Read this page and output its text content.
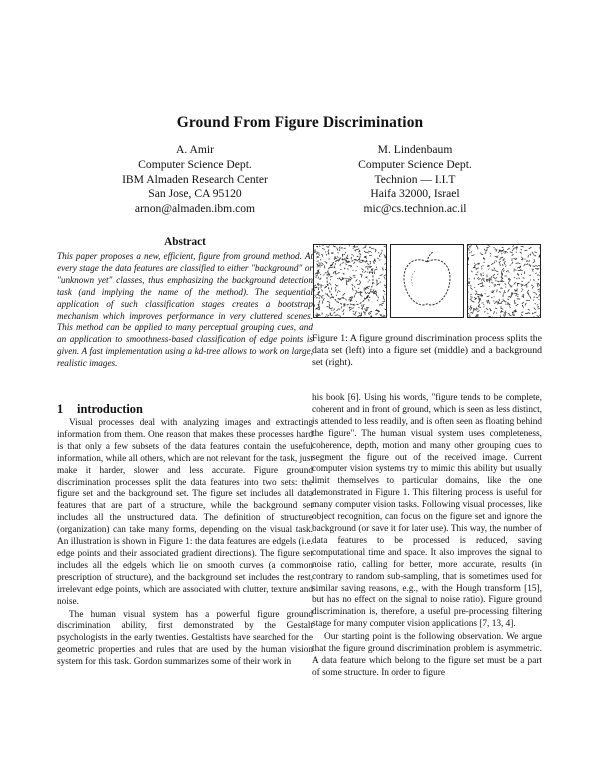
Ground From Figure Discrimination
A. Amir
Computer Science Dept.
IBM Almaden Research Center
San Jose, CA 95120
arnon@almaden.ibm.com
M. Lindenbaum
Computer Science Dept.
Technion — I.I.T
Haifa 32000, Israel
mic@cs.technion.ac.il
Abstract
This paper proposes a new, efficient, figure from ground method. At every stage the data features are classified to either "background" or "unknown yet" classes, thus emphasizing the background detection task (and implying the name of the method). The sequential application of such classification stages creates a bootstrap mechanism which improves performance in very cluttered scenes. This method can be applied to many perceptual grouping cues, and an application to smoothness-based classification of edge points is given. A fast implementation using a kd-tree allows to work on large, realistic images.
Figure 1: A figure ground discrimination process splits the data set (left) into a figure set (middle) and a background set (right).
1 introduction

Visual processes deal with analyzing images and extracting information from them. One reason that makes these processes hard is that only a few subsets of the data features contain the useful information, while all others, which are not relevant for the task, just make it harder, slower and less accurate. Figure ground discrimination processes split the data features into two sets: the figure set and the background set. The figure set includes all data features that are part of a structure, while the background set includes all the unstructured data. The definition of structure (organization) can take many forms, depending on the visual task. An illustration is shown in Figure 1: the data features are edgels (i.e. edge points and their associated gradient directions). The figure set includes all the edgels which lie on smooth curves (a common prescription of structure), and the background set includes the rest, irrelevant edge points, which are associated with clutter, texture and noise.

The human visual system has a powerful figure ground discrimination ability, first demonstrated by the Gestalt psychologists in the early twenties. Gestaltists have searched for the geometric properties and rules that are used by the human vision system for this task. Gordon summarizes some of their work in

his book [6]. Using his words, "figure tends to be complete, coherent and in front of ground, which is seen as less distinct, is attended to less readily, and is often seen as floating behind the figure". The human visual system uses completeness, coherence, depth, motion and many other grouping cues to segment the figure out of the received image. Current computer vision systems try to mimic this ability but usually limit themselves to particular domains, like the one demonstrated in Figure 1. This filtering process is useful for many computer vision tasks. Following visual processes, like object recognition, can focus on the figure set and ignore the background (or save it for later use). This way, the number of data features to be processed is reduced, saving computational time and space. It also improves the signal to noise ratio, calling for better, more accurate, results (in contrary to random sub-sampling, that is sometimes used for similar saving reasons, e.g., with the Hough transform [15], but has no effect on the signal to noise ratio). Figure ground discrimination is, therefore, a useful pre-processing filtering stage for many computer vision applications [7, 13, 4].

Our starting point is the following observation. We argue that the figure ground discrimination problem is asymmetric. A data feature which belong to the figure set must be a part of some structure. In order to figure
